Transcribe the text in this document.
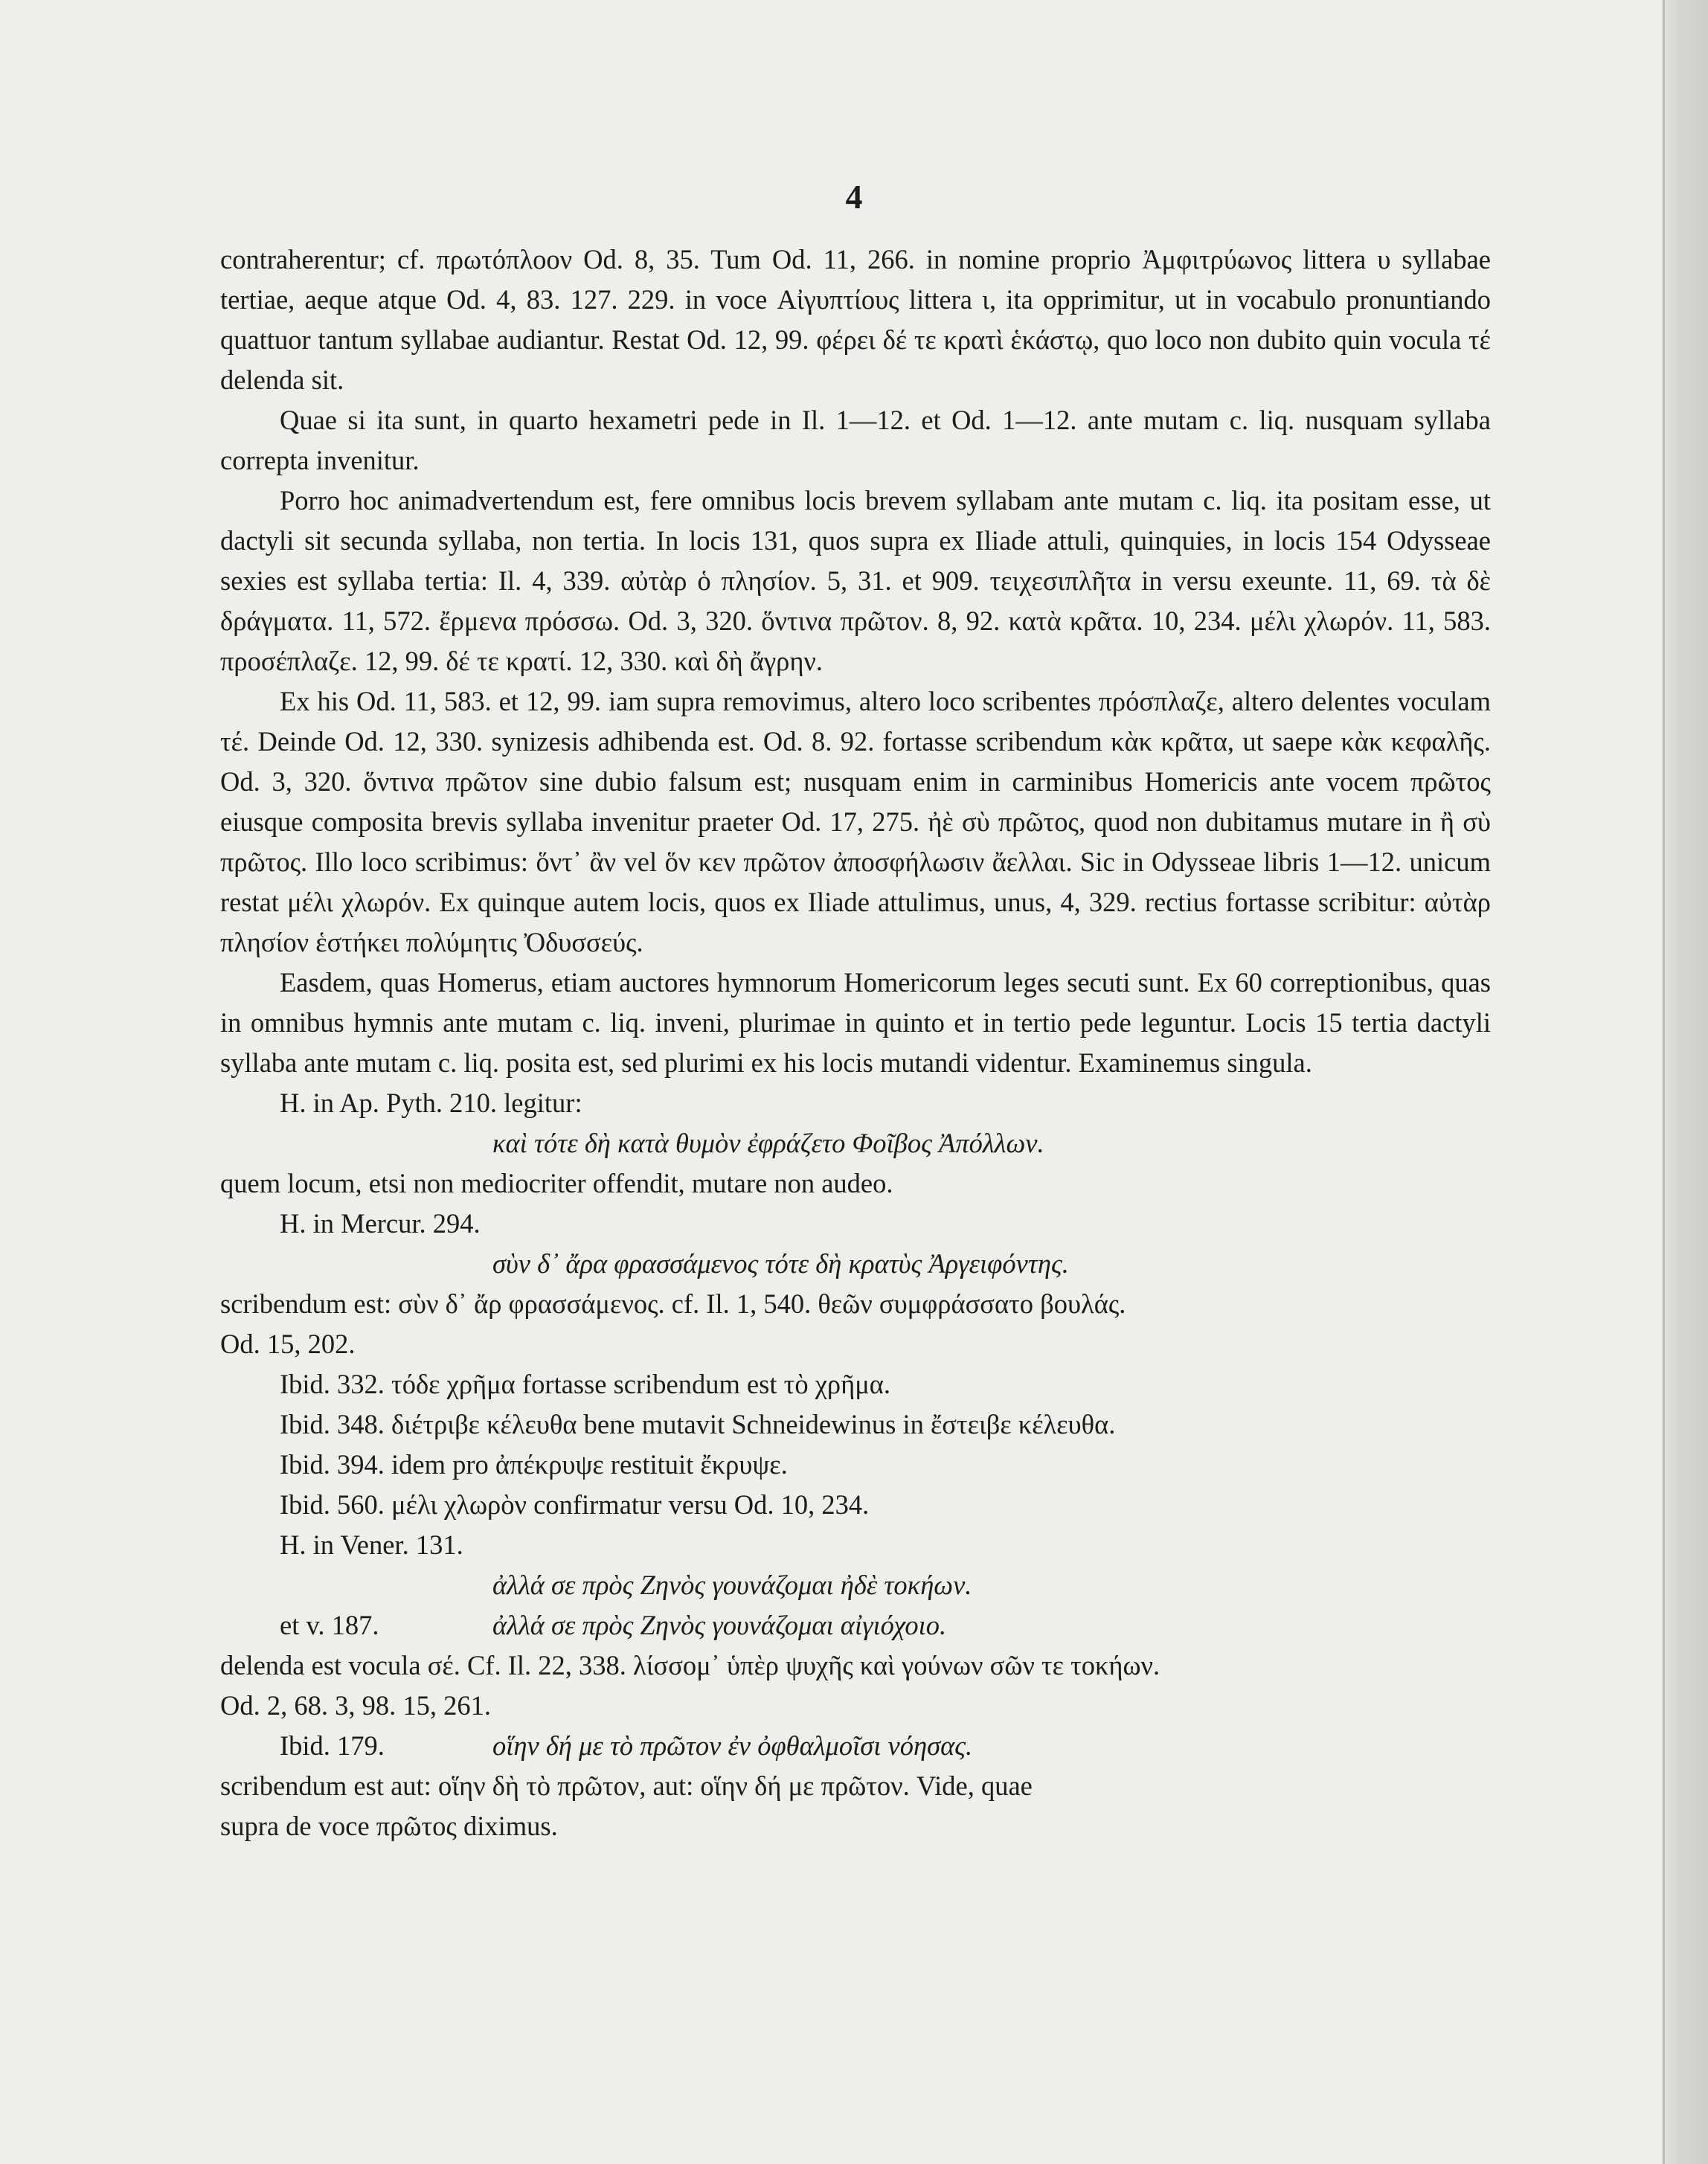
4

contraherentur; cf. πρωτόπλοον Od. 8, 35. Tum Od. 11, 266. in nomine proprio Ἀμφιτρύωνος littera υ syllabae tertiae, aeque atque Od. 4, 83. 127. 229. in voce Αἰγυπτίους littera ι, ita opprimitur, ut in vocabulo pronuntiando quattuor tantum syllabae audiantur. Restat Od. 12, 99. φέρει δέ τε κρατὶ ἑκάστῳ, quo loco non dubito quin vocula τέ delenda sit.

Quae si ita sunt, in quarto hexametri pede in Il. 1—12. et Od. 1—12. ante mutam c. liq. nusquam syllaba correpta invenitur.

Porro hoc animadvertendum est, fere omnibus locis brevem syllabam ante mutam c. liq. ita positam esse, ut dactyli sit secunda syllaba, non tertia. In locis 131, quos supra ex Iliade attuli, quinquies, in locis 154 Odysseae sexies est syllaba tertia: Il. 4, 339. αὐτὰρ ὁ πλησίον. 5, 31. et 909. τειχεσιπλῆτα in versu exeunte. 11, 69. τὰ δὲ δράγματα. 11, 572. ἔρμενα πρόσσω. Od. 3, 320. ὅντινα πρῶτον. 8, 92. κατὰ κρᾶτα. 10, 234. μέλι χλωρόν. 11, 583. προσέπλαζε. 12, 99. δέ τε κρατί. 12, 330. καὶ δὴ ἄγρην.

Ex his Od. 11, 583. et 12, 99. iam supra removimus, altero loco scribentes πρόσπλαζε, altero delentes voculam τέ. Deinde Od. 12, 330. synizesis adhibenda est. Od. 8. 92. fortasse scribendum κὰκ κρᾶτα, ut saepe κὰκ κεφαλῆς. Od. 3, 320. ὅντινα πρῶτον sine dubio falsum est; nusquam enim in carminibus Homericis ante vocem πρῶτος eiusque composita brevis syllaba invenitur praeter Od. 17, 275. ἠὲ σὺ πρῶτος, quod non dubitamus mutare in ἢ σὺ πρῶτος. Illo loco scribimus: ὅντ᾽ ἂν vel ὅν κεν πρῶτον ἀποσφήλωσιν ἄελλαι. Sic in Odysseae libris 1—12. unicum restat μέλι χλωρόν. Ex quinque autem locis, quos ex Iliade attulimus, unus, 4, 329. rectius fortasse scribitur: αὐτὰρ πλησίον ἑστήκει πολύμητις Ὀδυσσεύς.

Easdem, quas Homerus, etiam auctores hymnorum Homericorum leges secuti sunt. Ex 60 correptionibus, quas in omnibus hymnis ante mutam c. liq. inveni, plurimae in quinto et in tertio pede leguntur. Locis 15 tertia dactyli syllaba ante mutam c. liq. posita est, sed plurimi ex his locis mutandi videntur. Examinemus singula.

H. in Ap. Pyth. 210. legitur:
καὶ τότε δὴ κατὰ θυμὸν ἐφράζετο Φοῖβος Ἀπόλλων.
quem locum, etsi non mediocriter offendit, mutare non audeo.
H. in Mercur. 294.
σὺν δ᾽ ἄρα φρασσάμενος τότε δὴ κρατὺς Ἀργειφόντης.
scribendum est: σὺν δ᾽ ἄρ φρασσάμενος. cf. Il. 1, 540. θεῶν συμφράσσατο βουλάς.
Od. 15, 202.
Ibid. 332. τόδε χρῆμα fortasse scribendum est τὸ χρῆμα.
Ibid. 348. διέτριβε κέλευθα bene mutavit Schneidewinus in ἔστειβε κέλευθα.
Ibid. 394. idem pro ἀπέκρυψε restituit ἔκρυψε.
Ibid. 560. μέλι χλωρὸν confirmatur versu Od. 10, 234.
H. in Vener. 131.
ἀλλά σε πρὸς Ζηνὸς γουνάζομαι ἠδὲ τοκήων.
et v. 187.	ἀλλά σε πρὸς Ζηνὸς γουνάζομαι αἰγιόχοιο.
delenda est vocula σέ. Cf. Il. 22, 338. λίσσομ᾽ ὑπὲρ ψυχῆς καὶ γούνων σῶν τε τοκήων.
Od. 2, 68. 3, 98. 15, 261.
Ibid. 179.	οἵην δή με τὸ πρῶτον ἐν ὀφθαλμοῖσι νόησας.
scribendum est aut: οἵην δὴ τὸ πρῶτον, aut: οἵην δή με πρῶτον. Vide, quae
supra de voce πρῶτος diximus.
